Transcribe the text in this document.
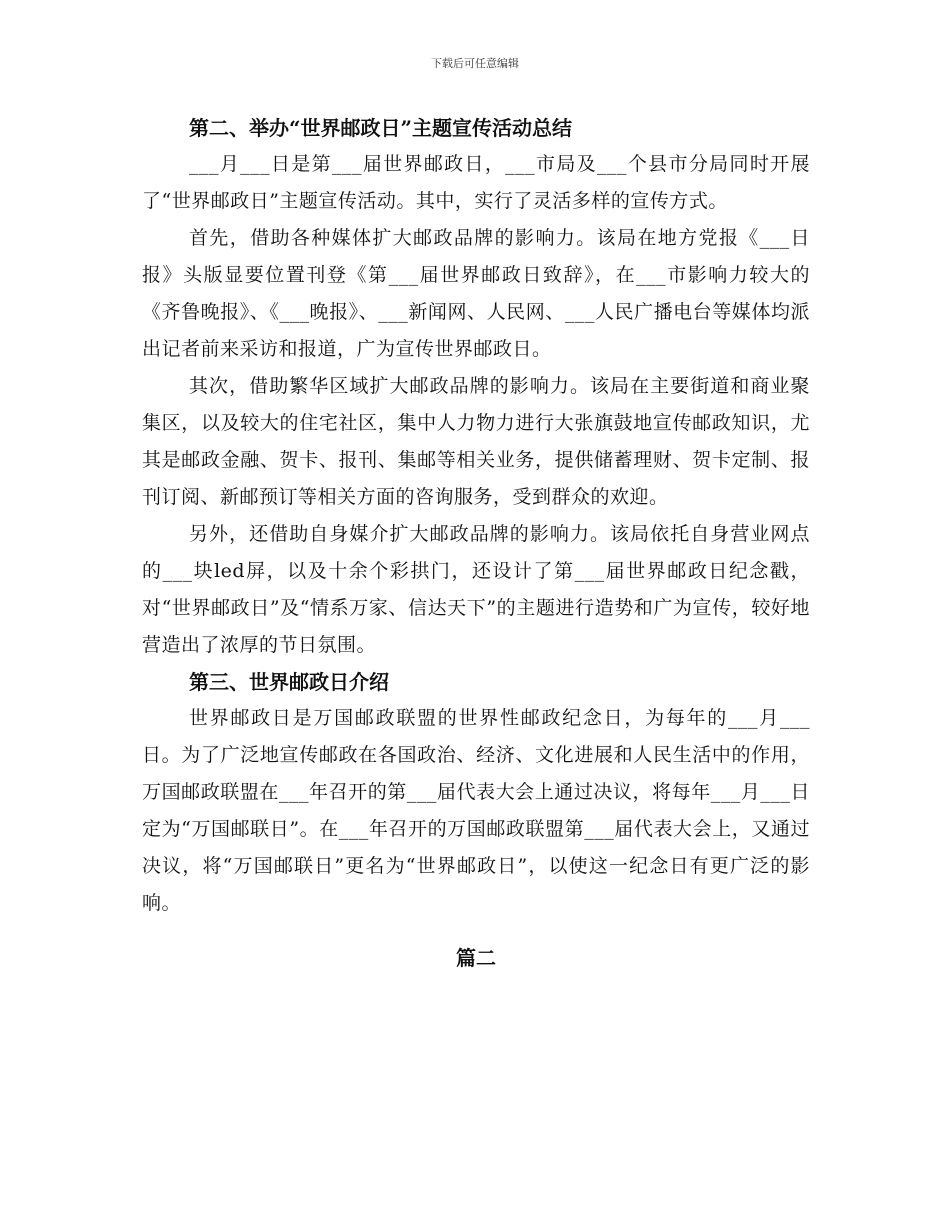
下载后可任意编辑
第二、举办“世界邮政日”主题宣传活动总结

___月___日是第___届世界邮政日，___市局及___个县市分局同时开展了“世界邮政日”主题宣传活动。其中，实行了灵活多样的宣传方式。

首先，借助各种媒体扩大邮政品牌的影响力。该局在地方党报《___日报》头版显要位置刊登《第___届世界邮政日致辞》，在___市影响力较大的《齐鲁晚报》、《___晚报》、___新闻网、人民网、___人民广播电台等媒体均派出记者前来采访和报道，广为宣传世界邮政日。

其次，借助繁华区域扩大邮政品牌的影响力。该局在主要街道和商业聚集区，以及较大的住宅社区，集中人力物力进行大张旗鼓地宣传邮政知识，尤其是邮政金融、贺卡、报刊、集邮等相关业务，提供储蓄理财、贺卡定制、报刊订阅、新邮预订等相关方面的咨询服务，受到群众的欢迎。

另外，还借助自身媒介扩大邮政品牌的影响力。该局依托自身营业网点的___块led屏，以及十余个彩拱门，还设计了第___届世界邮政日纪念戳，对“世界邮政日”及“情系万家、信达天下”的主题进行造势和广为宣传，较好地营造出了浓厚的节日氛围。

第三、世界邮政日介绍

世界邮政日是万国邮政联盟的世界性邮政纪念日，为每年的___月___日。为了广泛地宣传邮政在各国政治、经济、文化进展和人民生活中的作用，万国邮政联盟在___年召开的第___届代表大会上通过决议，将每年___月___日定为“万国邮联日”。在___年召开的万国邮政联盟第___届代表大会上，又通过决议，将“万国邮联日”更名为“世界邮政日”，以使这一纪念日有更广泛的影响。

篇二
